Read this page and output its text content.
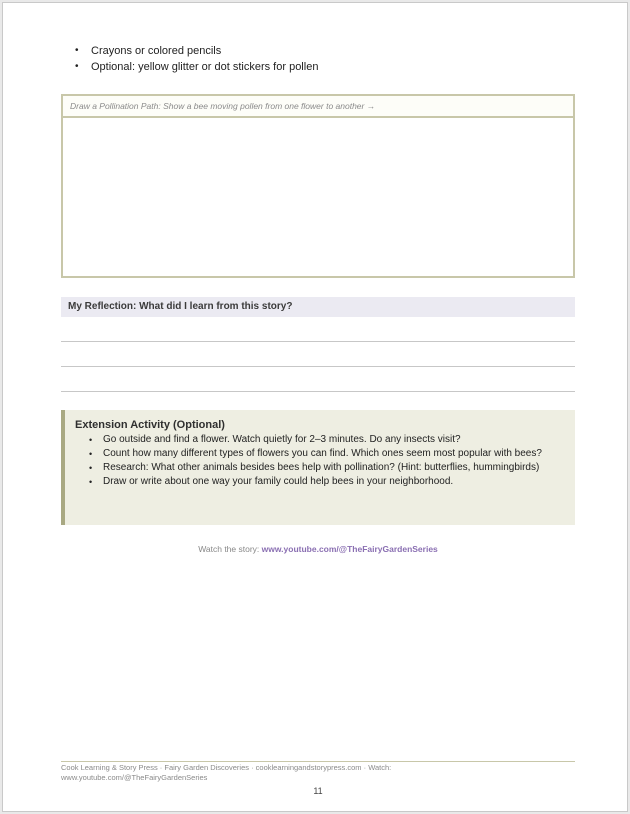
• Crayons or colored pencils
• Optional: yellow glitter or dot stickers for pollen
Draw a Pollination Path: Show a bee moving pollen from one flower to another →
My Reflection: What did I learn from this story?
Extension Activity (Optional)
• Go outside and find a flower. Watch quietly for 2–3 minutes. Do any insects visit?
• Count how many different types of flowers you can find. Which ones seem most popular with bees?
• Research: What other animals besides bees help with pollination? (Hint: butterflies, hummingbirds)
• Draw or write about one way your family could help bees in your neighborhood.
Watch the story: www.youtube.com/@TheFairyGardenSeries
Cook Learning & Story Press · Fairy Garden Discoveries · cooklearningandstorypress.com · Watch: www.youtube.com/@TheFairyGardenSeries
11
